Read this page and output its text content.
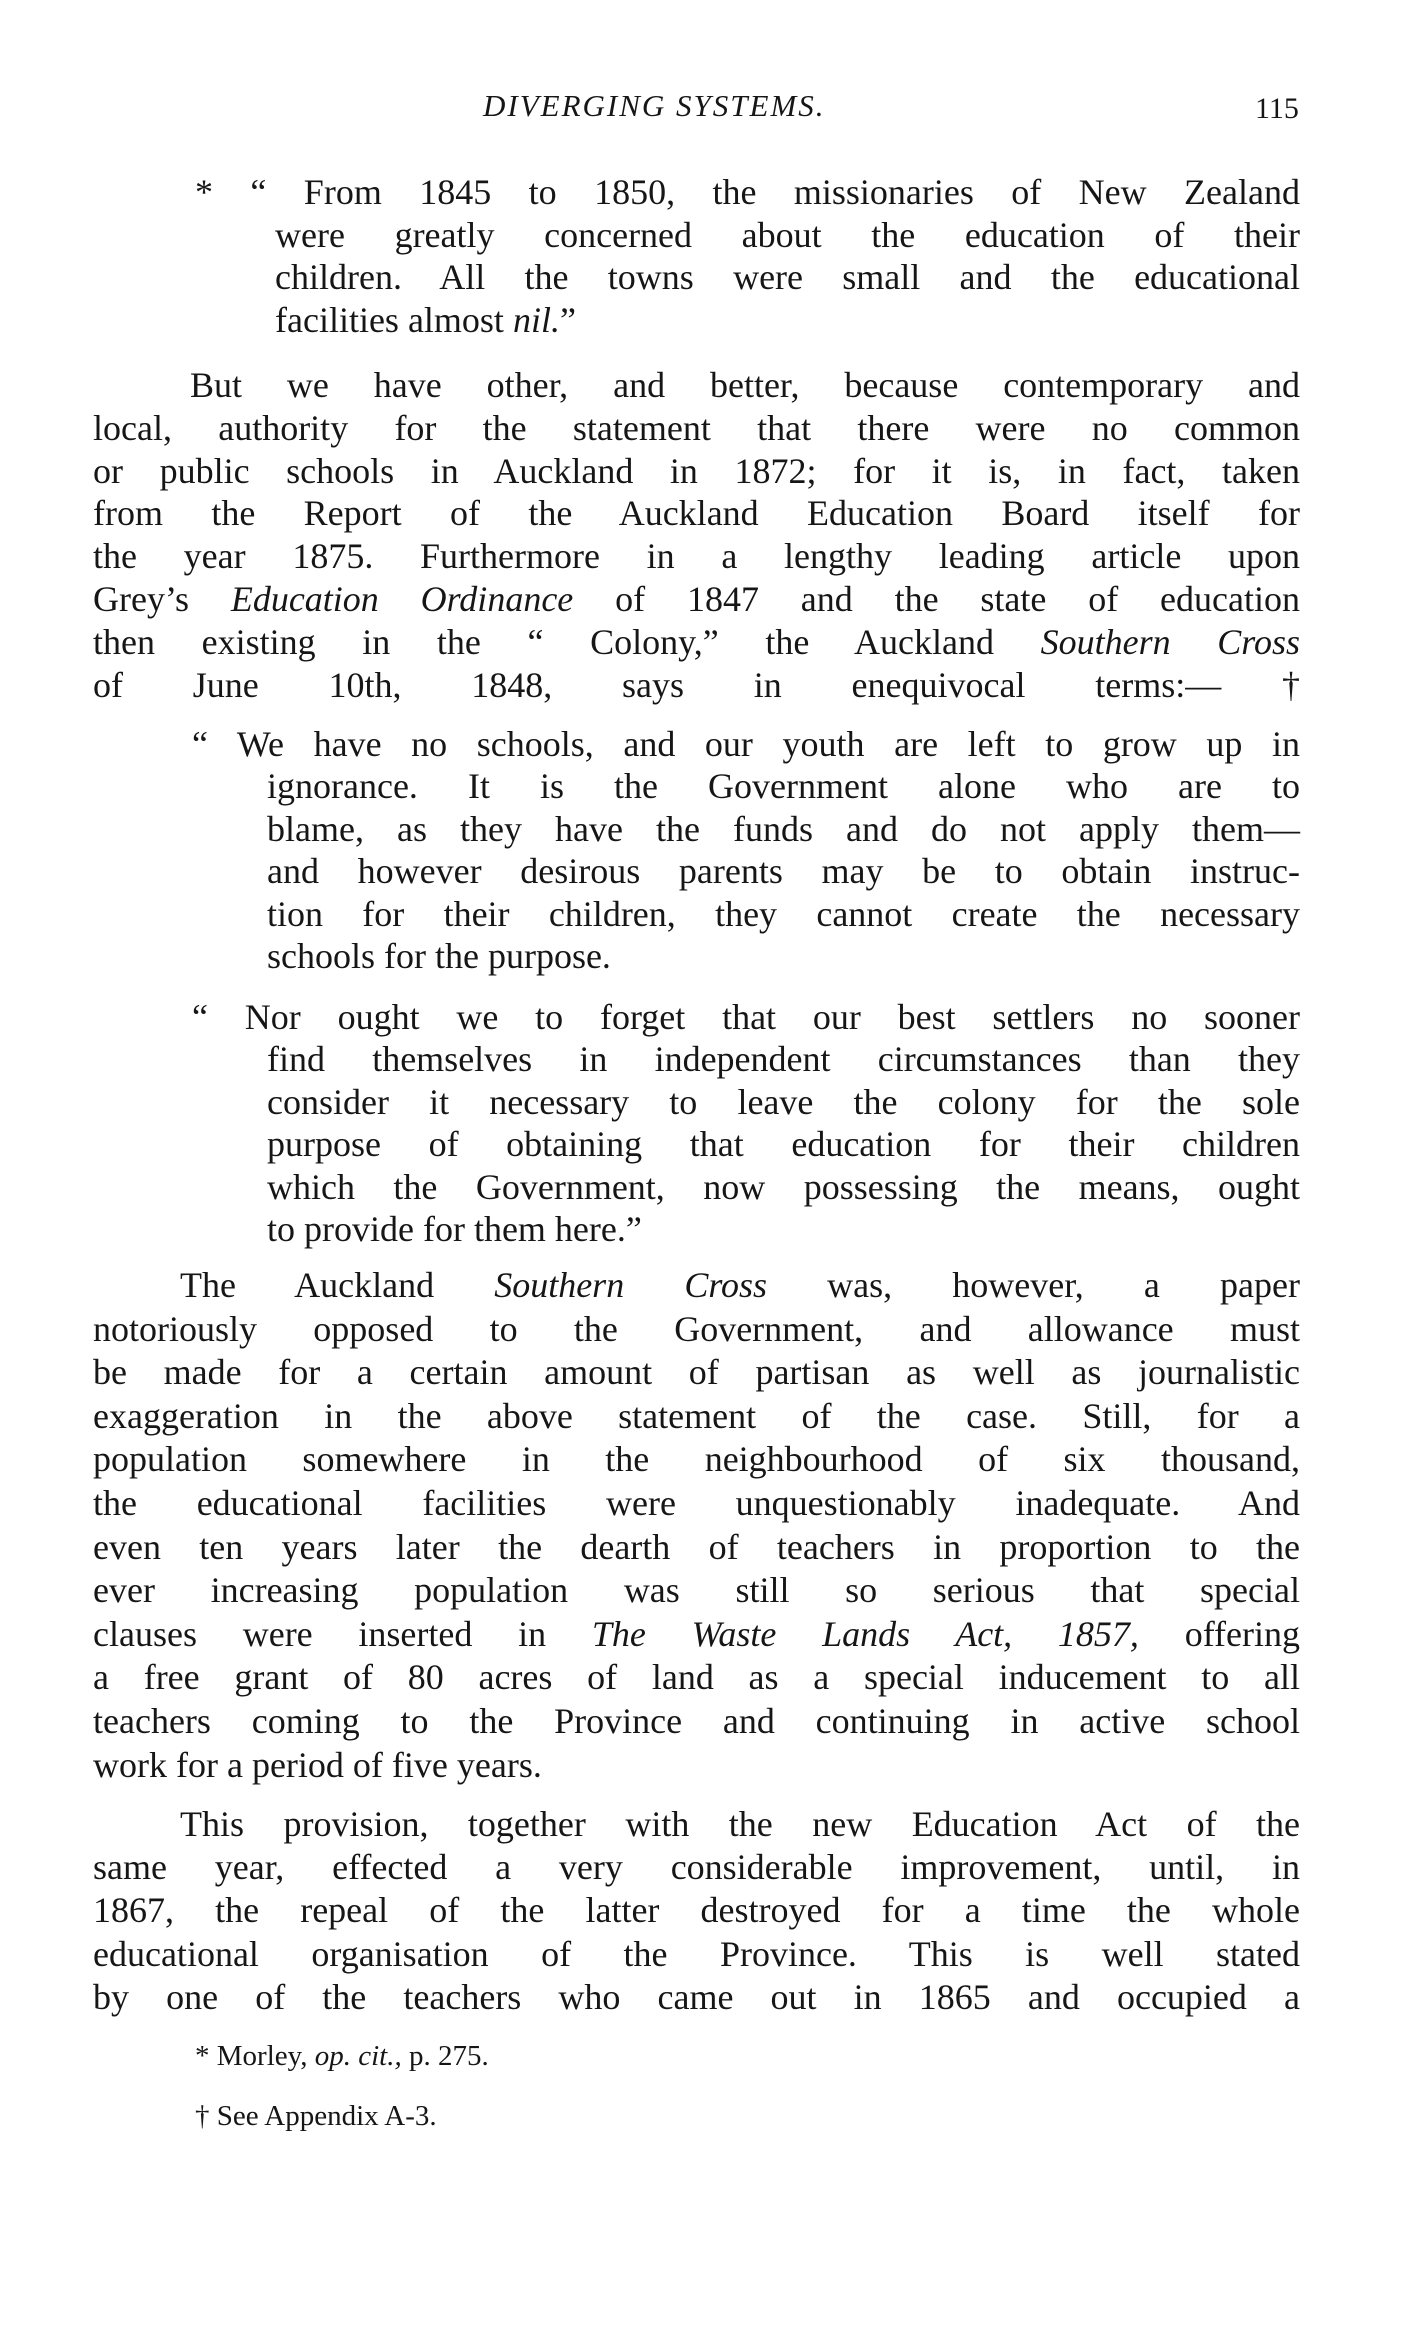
DIVERGING SYSTEMS.	115
* “ From 1845 to 1850, the missionaries of New Zealand
were greatly concerned about the education of their
children. All the towns were small and the educational
facilities almost nil.”
But we have other, and better, because contemporary and
local, authority for the statement that there were no common
or public schools in Auckland in 1872; for it is, in fact, taken
from the Report of the Auckland Education Board itself for
the year 1875. Furthermore in a lengthy leading article upon
Grey’s Education Ordinance of 1847 and the state of education
then existing in the “ Colony,” the Auckland Southern Cross
of June 10th, 1848, says in enequivocal terms:—†
“ We have no schools, and our youth are left to grow up in
ignorance. It is the Government alone who are to
blame, as they have the funds and do not apply them—
and however desirous parents may be to obtain instruc-
tion for their children, they cannot create the necessary
schools for the purpose.
“ Nor ought we to forget that our best settlers no sooner
find themselves in independent circumstances than they
consider it necessary to leave the colony for the sole
purpose of obtaining that education for their children
which the Government, now possessing the means, ought
to provide for them here.”
The Auckland Southern Cross was, however, a paper
notoriously opposed to the Government, and allowance must
be made for a certain amount of partisan as well as journalistic
exaggeration in the above statement of the case. Still, for a
population somewhere in the neighbourhood of six thousand,
the educational facilities were unquestionably inadequate. And
even ten years later the dearth of teachers in proportion to the
ever increasing population was still so serious that special
clauses were inserted in The Waste Lands Act, 1857, offering
a free grant of 80 acres of land as a special inducement to all
teachers coming to the Province and continuing in active school
work for a period of five years.
This provision, together with the new Education Act of the
same year, effected a very considerable improvement, until, in
1867, the repeal of the latter destroyed for a time the whole
educational organisation of the Province. This is well stated
by one of the teachers who came out in 1865 and occupied a
* Morley, op. cit., p. 275.
† See Appendix A-3.
